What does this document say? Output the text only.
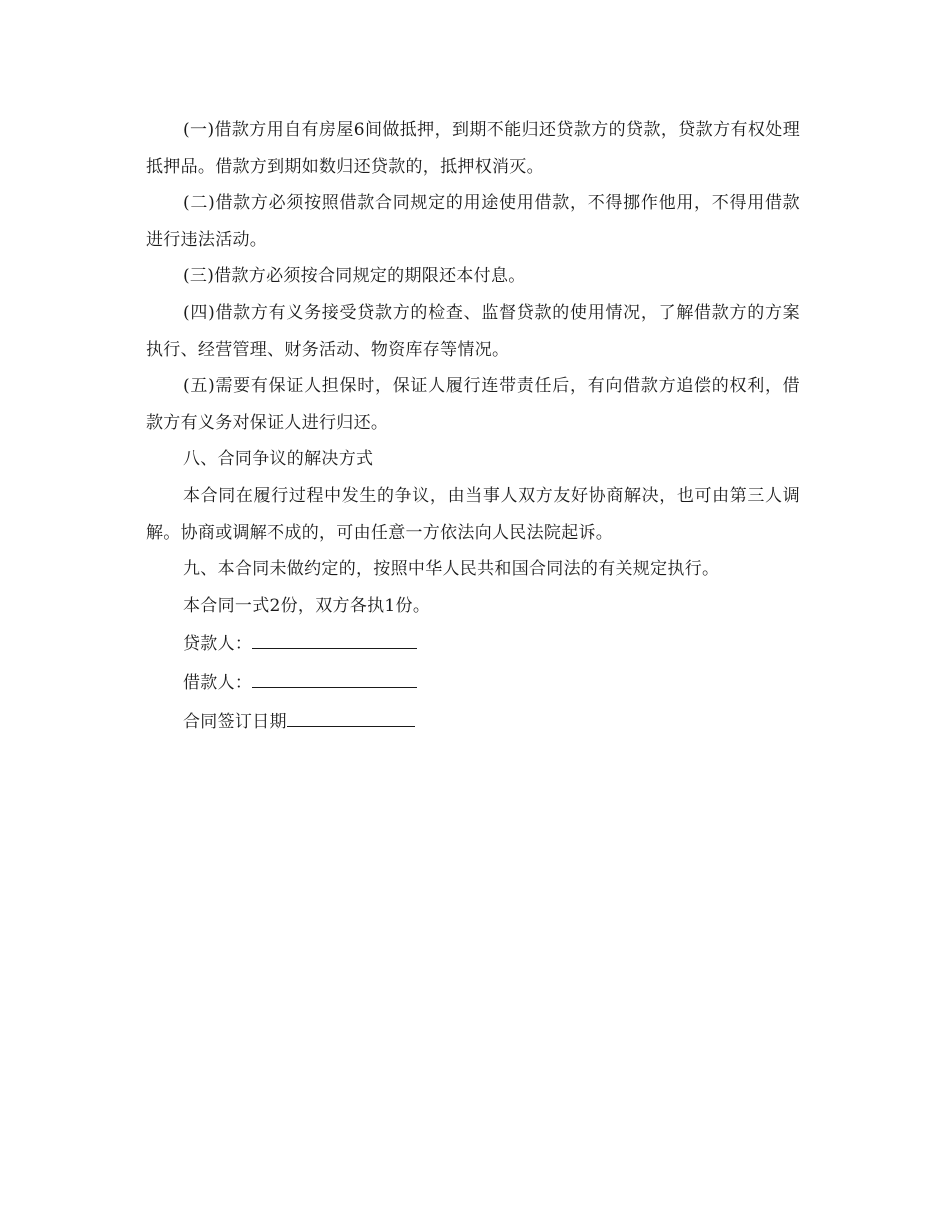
(一)借款方用自有房屋6间做抵押，到期不能归还贷款方的贷款，贷款方有权处理抵押品。借款方到期如数归还贷款的，抵押权消灭。

(二)借款方必须按照借款合同规定的用途使用借款，不得挪作他用，不得用借款进行违法活动。

(三)借款方必须按合同规定的期限还本付息。

(四)借款方有义务接受贷款方的检查、监督贷款的使用情况，了解借款方的方案执行、经营管理、财务活动、物资库存等情况。

(五)需要有保证人担保时，保证人履行连带责任后，有向借款方追偿的权利，借款方有义务对保证人进行归还。

八、合同争议的解决方式

本合同在履行过程中发生的争议，由当事人双方友好协商解决，也可由第三人调解。协商或调解不成的，可由任意一方依法向人民法院起诉。

九、本合同未做约定的，按照中华人民共和国合同法的有关规定执行。

本合同一式2份，双方各执1份。

贷款人：

借款人：

合同签订日期
